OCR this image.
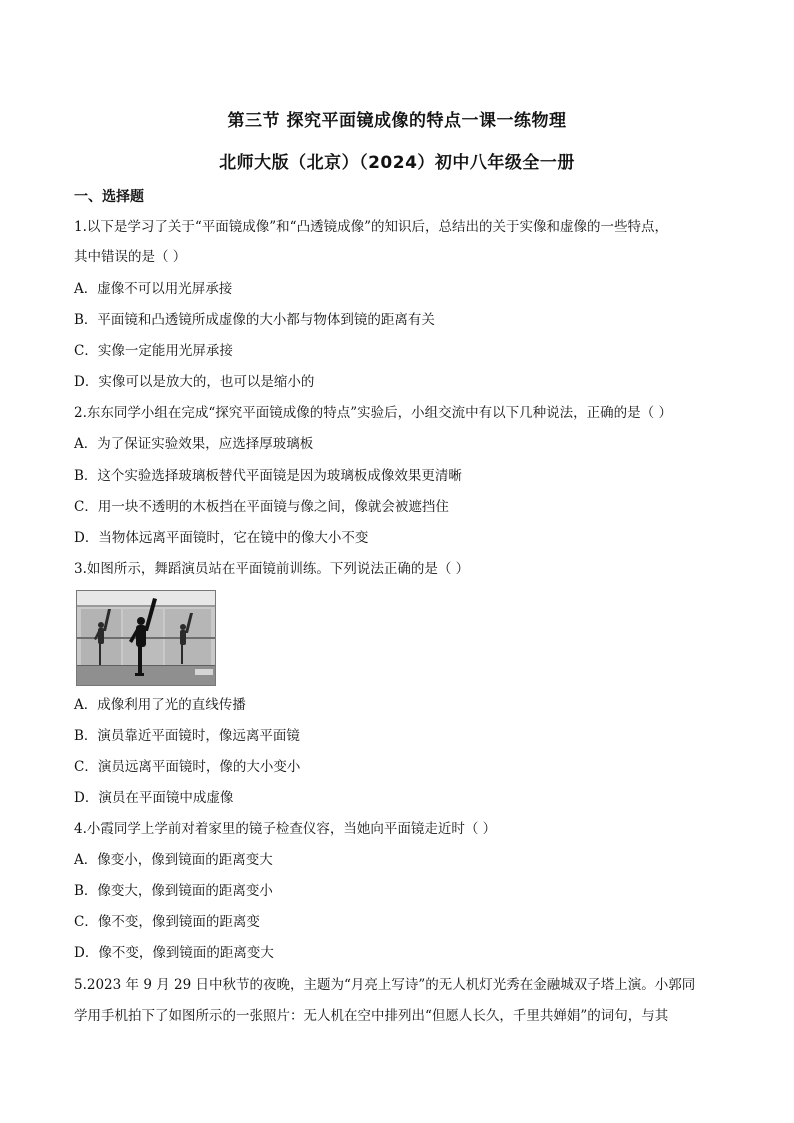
第三节 探究平面镜成像的特点一课一练物理
北师大版（北京）（2024）初中八年级全一册
一、选择题
1.以下是学习了关于“平面镜成像”和“凸透镜成像”的知识后，总结出的关于实像和虚像的一些特点，
其中错误的是（ ）
A．虚像不可以用光屏承接
B．平面镜和凸透镜所成虚像的大小都与物体到镜的距离有关
C．实像一定能用光屏承接
D．实像可以是放大的，也可以是缩小的
2.东东同学小组在完成“探究平面镜成像的特点”实验后，小组交流中有以下几种说法，正确的是（ ）
A．为了保证实验效果，应选择厚玻璃板
B．这个实验选择玻璃板替代平面镜是因为玻璃板成像效果更清晰
C．用一块不透明的木板挡在平面镜与像之间，像就会被遮挡住
D．当物体远离平面镜时，它在镜中的像大小不变
3.如图所示，舞蹈演员站在平面镜前训练。下列说法正确的是（ ）
A．成像利用了光的直线传播
B．演员靠近平面镜时，像远离平面镜
C．演员远离平面镜时，像的大小变小
D．演员在平面镜中成虚像
4.小霞同学上学前对着家里的镜子检查仪容，当她向平面镜走近时（ ）
A．像变小，像到镜面的距离变大
B．像变大，像到镜面的距离变小
C．像不变，像到镜面的距离变
D．像不变，像到镜面的距离变大
5.2023 年 9 月 29 日中秋节的夜晚，主题为“月亮上写诗”的无人机灯光秀在金融城双子塔上演。小郭同
学用手机拍下了如图所示的一张照片：无人机在空中排列出“但愿人长久，千里共婵娟”的词句，与其
